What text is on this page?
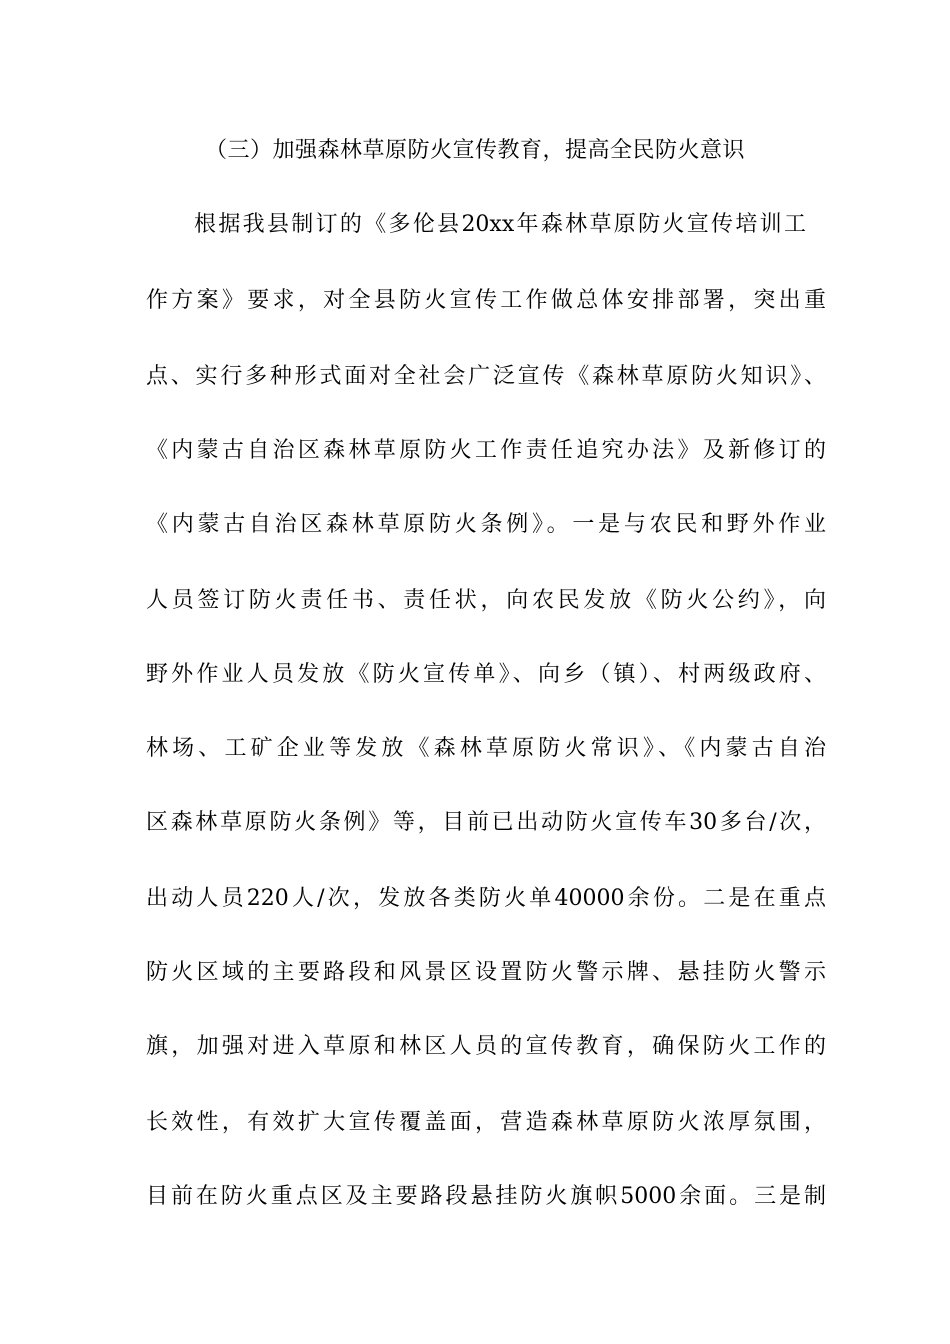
（三）加强森林草原防火宣传教育，提高全民防火意识
根据我县制订的《多伦县20xx年森林草原防火宣传培训工
作方案》要求，对全县防火宣传工作做总体安排部署，突出重
点、实行多种形式面对全社会广泛宣传《森林草原防火知识》、
《内蒙古自治区森林草原防火工作责任追究办法》及新修订的
《内蒙古自治区森林草原防火条例》。一是与农民和野外作业
人员签订防火责任书、责任状，向农民发放《防火公约》，向
野外作业人员发放《防火宣传单》、向乡（镇）、村两级政府、
林场、工矿企业等发放《森林草原防火常识》、《内蒙古自治
区森林草原防火条例》等，目前已出动防火宣传车30多台/次，
出动人员220人/次，发放各类防火单40000余份。二是在重点
防火区域的主要路段和风景区设置防火警示牌、悬挂防火警示
旗，加强对进入草原和林区人员的宣传教育，确保防火工作的
长效性，有效扩大宣传覆盖面，营造森林草原防火浓厚氛围，
目前在防火重点区及主要路段悬挂防火旗帜5000余面。三是制
